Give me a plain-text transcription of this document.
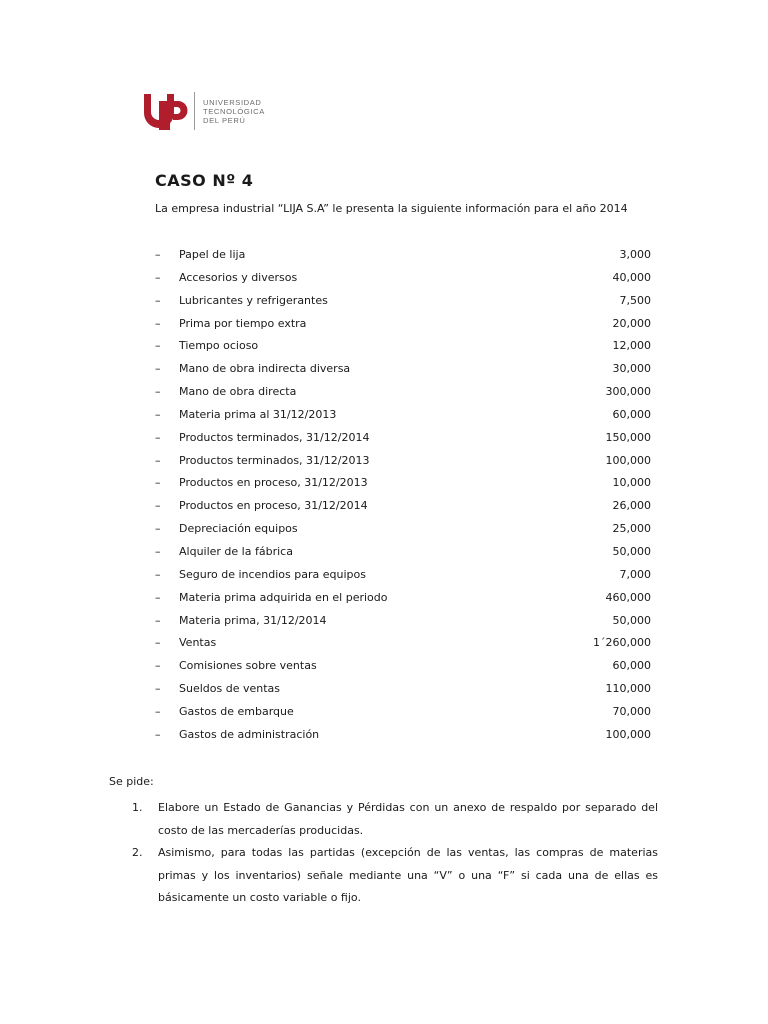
UNIVERSIDAD
TECNOLÓGICA
DEL PERÚ
CASO Nº 4
La empresa industrial “LIJA S.A” le presenta la siguiente información para el año 2014
– Papel de lija	3,000
– Accesorios y diversos	40,000
– Lubricantes y refrigerantes	7,500
– Prima por tiempo extra	20,000
– Tiempo ocioso	12,000
– Mano de obra indirecta diversa	30,000
– Mano de obra directa	300,000
– Materia prima al 31/12/2013	60,000
– Productos terminados, 31/12/2014	150,000
– Productos terminados, 31/12/2013	100,000
– Productos en proceso, 31/12/2013	10,000
– Productos en proceso, 31/12/2014	26,000
– Depreciación equipos	25,000
– Alquiler de la fábrica	50,000
– Seguro de incendios para equipos	7,000
– Materia prima adquirida en el periodo	460,000
– Materia prima, 31/12/2014	50,000
– Ventas	1´260,000
– Comisiones sobre ventas	60,000
– Sueldos de ventas	110,000
– Gastos de embarque	70,000
– Gastos de administración	100,000
Se pide:
1. Elabore un Estado de Ganancias y Pérdidas con un anexo de respaldo por separado del costo de las mercaderías producidas.
2. Asimismo, para todas las partidas (excepción de las ventas, las compras de materias primas y los inventarios) señale mediante una “V” o una “F” si cada una de ellas es básicamente un costo variable o fijo.
